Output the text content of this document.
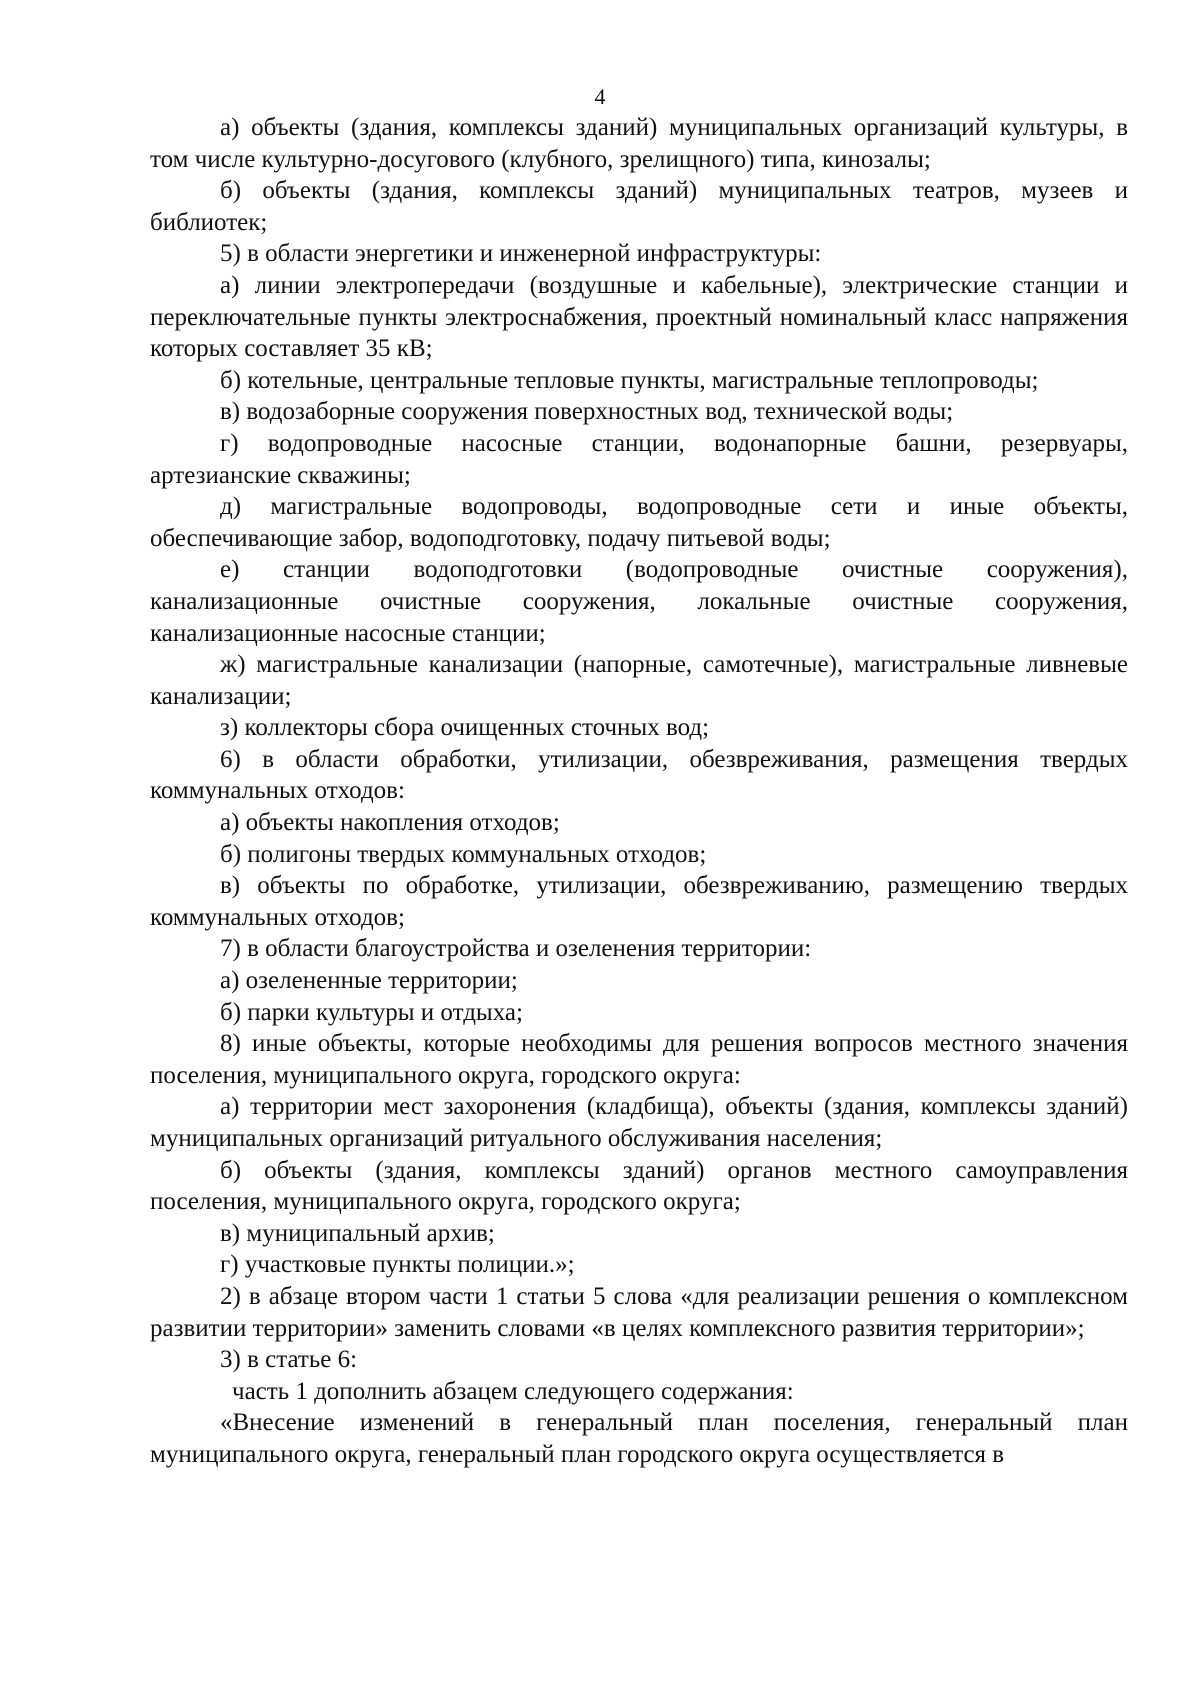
4

а) объекты (здания, комплексы зданий) муниципальных организаций культуры, в том числе культурно-досугового (клубного, зрелищного) типа, кинозалы;

б) объекты (здания, комплексы зданий) муниципальных театров, музеев и библиотек;

5) в области энергетики и инженерной инфраструктуры:

а) линии электропередачи (воздушные и кабельные), электрические станции и переключательные пункты электроснабжения, проектный номинальный класс напряжения которых составляет 35 кВ;

б) котельные, центральные тепловые пункты, магистральные теплопроводы;

в) водозаборные сооружения поверхностных вод, технической воды;

г) водопроводные насосные станции, водонапорные башни, резервуары, артезианские скважины;

д) магистральные водопроводы, водопроводные сети и иные объекты, обеспечивающие забор, водоподготовку, подачу питьевой воды;

е) станции водоподготовки (водопроводные очистные сооружения), канализационные очистные сооружения, локальные очистные сооружения, канализационные насосные станции;

ж) магистральные канализации (напорные, самотечные), магистральные ливневые канализации;

з) коллекторы сбора очищенных сточных вод;

6) в области обработки, утилизации, обезвреживания, размещения твердых коммунальных отходов:

а) объекты накопления отходов;

б) полигоны твердых коммунальных отходов;

в) объекты по обработке, утилизации, обезвреживанию, размещению твердых коммунальных отходов;

7) в области благоустройства и озеленения территории:

а) озелененные территории;

б) парки культуры и отдыха;

8) иные объекты, которые необходимы для решения вопросов местного значения поселения, муниципального округа, городского округа:

а) территории мест захоронения (кладбища), объекты (здания, комплексы зданий) муниципальных организаций ритуального обслуживания населения;

б) объекты (здания, комплексы зданий) органов местного самоуправления поселения, муниципального округа, городского округа;

в) муниципальный архив;

г) участковые пункты полиции.»;

2) в абзаце втором части 1 статьи 5 слова «для реализации решения о комплексном развитии территории» заменить словами «в целях комплексного развития территории»;

3) в статье 6:

часть 1 дополнить абзацем следующего содержания:

«Внесение изменений в генеральный план поселения, генеральный план муниципального округа, генеральный план городского округа осуществляется в
